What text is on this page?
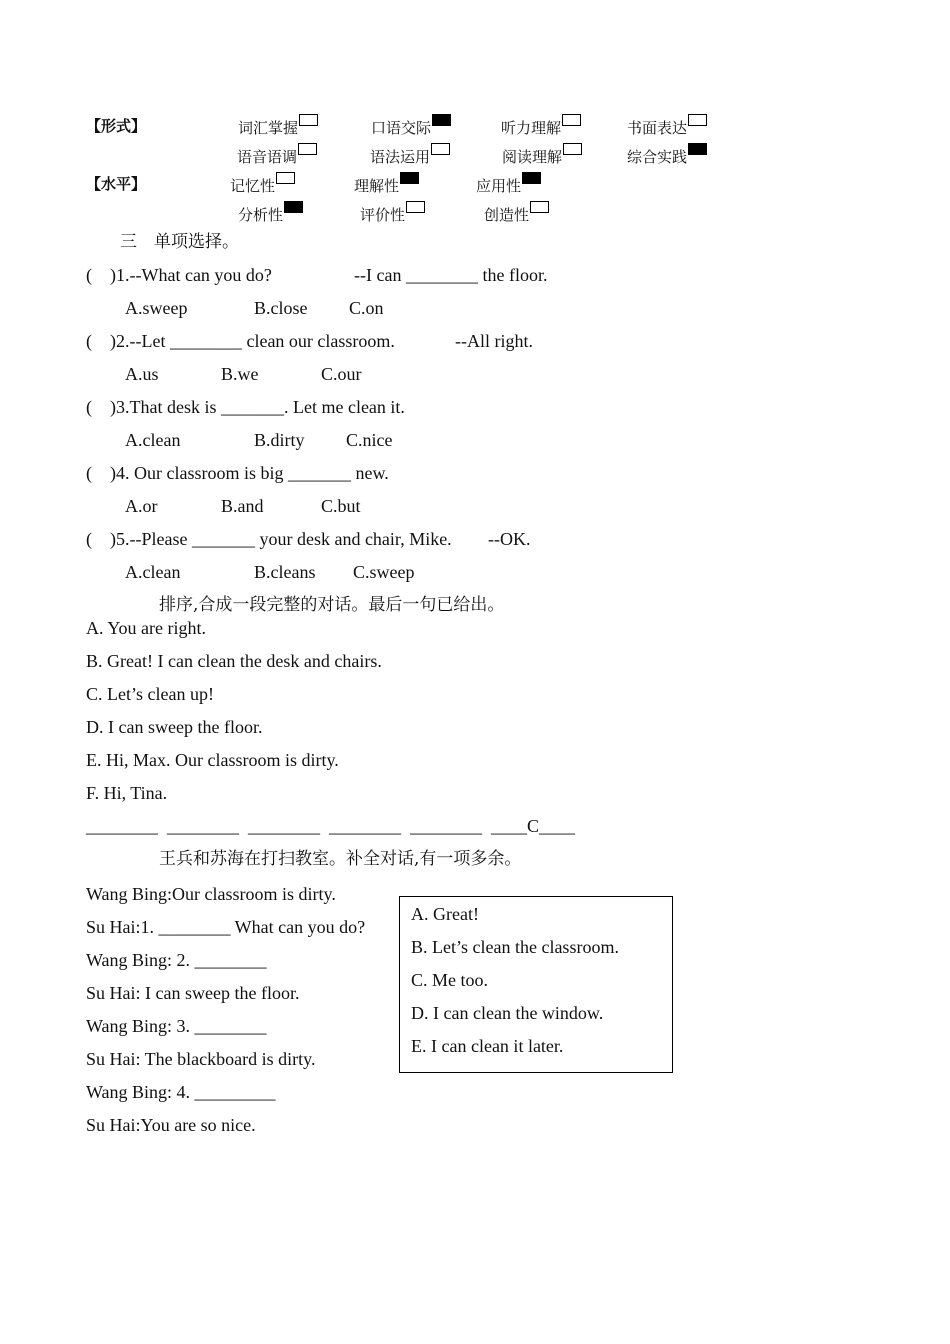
【形式】	词汇掌握	口语交际	听力理解	书面表达
语音语调	语法运用	阅读理解	综合实践
【水平】	记忆性	理解性	应用性
分析性	评价性	创造性
三　单项选择。
(　)1.--What can you do?	--I can ________ the floor.
A.sweep	B.close C.on
(　)2.--Let ________ clean our classroom.	--All right.
A.us	B.we	C.our
(　)3.That desk is _______. Let me clean it.
A.clean	B.dirty C.nice
(　)4. Our classroom is big _______ new.
A.or	B.and	C.but
(　)5.--Please _______ your desk and chair, Mike. --OK.
A.clean	B.cleans C.sweep
排序,合成一段完整的对话。最后一句已给出。
A. You are right.
B. Great! I can clean the desk and chairs.
C. Let’s clean up!
D. I can sweep the floor.
E. Hi, Max. Our classroom is dirty.
F. Hi, Tina.
________  ________  ________  ________  ________  ____C____
王兵和苏海在打扫教室。补全对话,有一项多余。
Wang Bing:Our classroom is dirty.
Su Hai:1. ________ What can you do?
Wang Bing: 2. ________
Su Hai: I can sweep the floor.
Wang Bing: 3. ________
Su Hai: The blackboard is dirty.
Wang Bing: 4. _________
Su Hai:You are so nice.
A. Great!
B. Let’s clean the classroom.
C. Me too.
D. I can clean the window.
E. I can clean it later.
